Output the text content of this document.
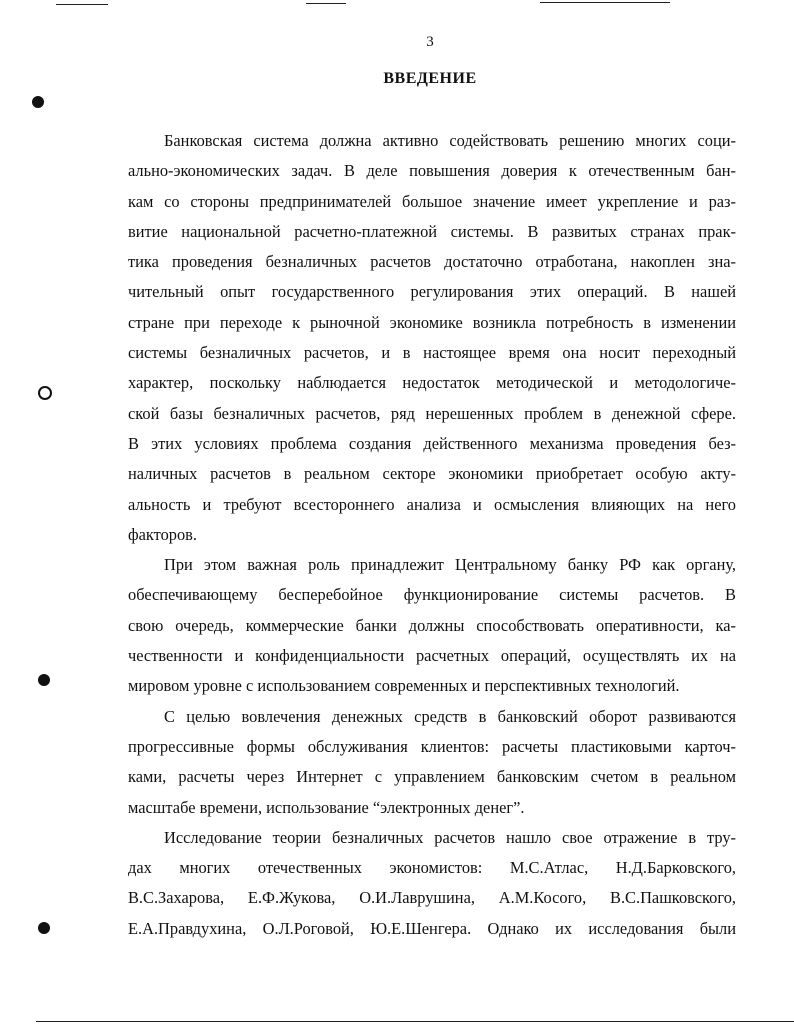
3
ВВЕДЕНИЕ
Банковская система должна активно содействовать решению многих соци-
ально-экономических задач. В деле повышения доверия к отечественным бан-
кам со стороны предпринимателей большое значение имеет укрепление и раз-
витие национальной расчетно-платежной системы. В развитых странах прак-
тика проведения безналичных расчетов достаточно отработана, накоплен зна-
чительный опыт государственного регулирования этих операций. В нашей
стране при переходе к рыночной экономике возникла потребность в изменении
системы безналичных расчетов, и в настоящее время она носит переходный
характер, поскольку наблюдается недостаток методической и методологиче-
ской базы безналичных расчетов, ряд нерешенных проблем в денежной сфере.
В этих условиях проблема создания действенного механизма проведения без-
наличных расчетов в реальном секторе экономики приобретает особую акту-
альность и требуют всестороннего анализа и осмысления влияющих на него
факторов.
При этом важная роль принадлежит Центральному банку РФ как органу,
обеспечивающему бесперебойное функционирование системы расчетов. В
свою очередь, коммерческие банки должны способствовать оперативности, ка-
чественности и конфиденциальности расчетных операций, осуществлять их на
мировом уровне с использованием современных и перспективных технологий.
С целью вовлечения денежных средств в банковский оборот развиваются
прогрессивные формы обслуживания клиентов: расчеты пластиковыми карточ-
ками, расчеты через Интернет с управлением банковским счетом в реальном
масштабе времени, использование “электронных денег”.
Исследование теории безналичных расчетов нашло свое отражение в тру-
дах многих отечественных экономистов: М.С.Атлас, Н.Д.Барковского,
В.С.Захарова, Е.Ф.Жукова, О.И.Лаврушина, А.М.Косого, В.С.Пашковского,
Е.А.Правдухина, О.Л.Роговой, Ю.Е.Шенгера. Однако их исследования были
